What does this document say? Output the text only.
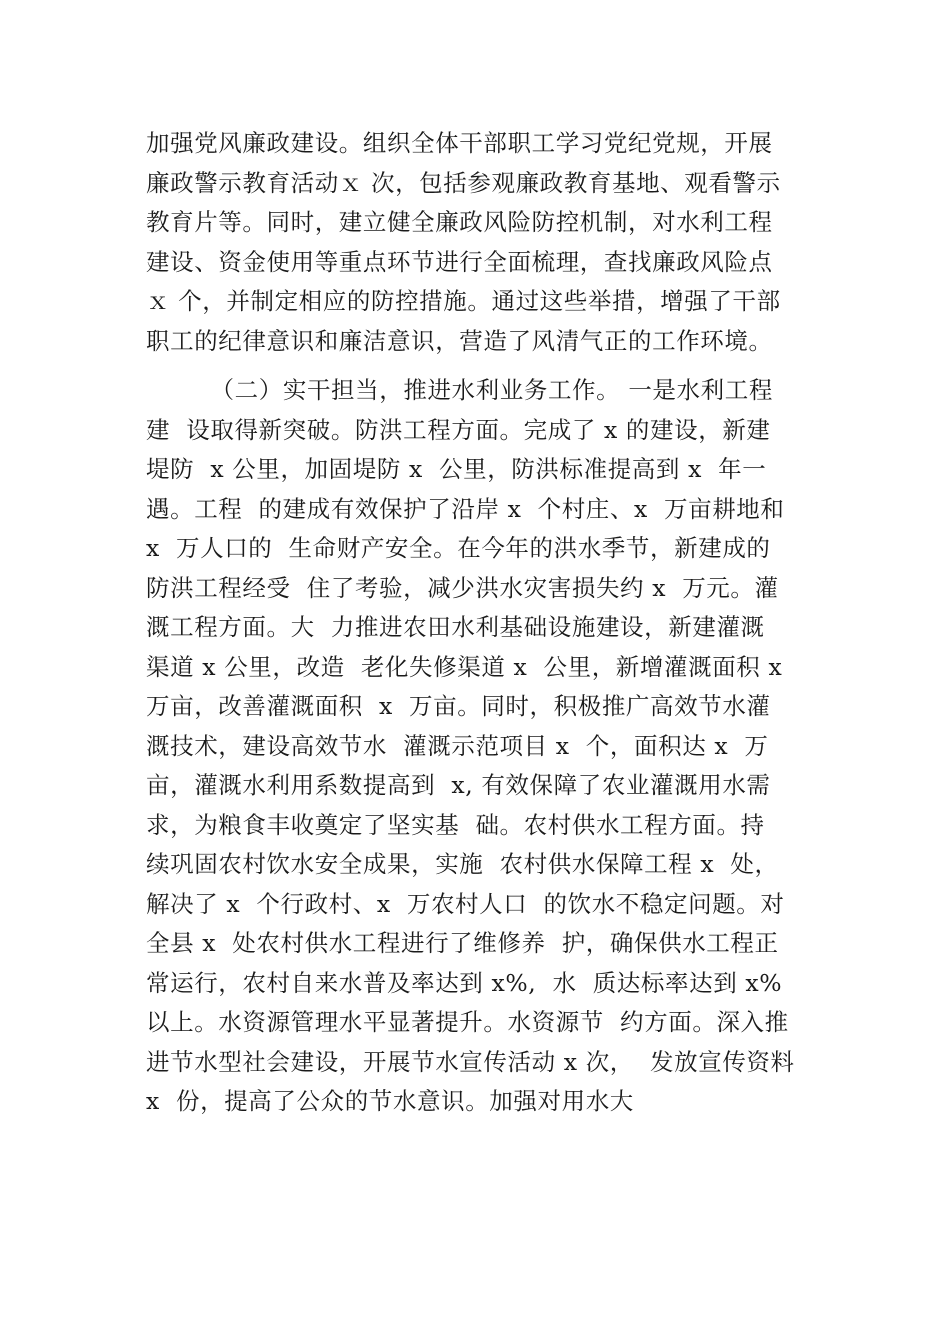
加强党风廉政建设。组织全体干部职工学习党纪党规，开展
廉政警示教育活动ｘ 次，包括参观廉政教育基地、观看警示
教育片等。同时，建立健全廉政风险防控机制，对水利工程
建设、资金使用等重点环节进行全面梳理，查找廉政风险点
ｘ 个，并制定相应的防控措施。通过这些举措，增强了干部
职工的纪律意识和廉洁意识，营造了风清气正的工作环境。
（二）实干担当，推进水利业务工作。 一是水利工程
建  设取得新突破。防洪工程方面。完成了 x 的建设，新建
堤防  x 公里，加固堤防 x  公里，防洪标准提高到 x  年一
遇。工程  的建成有效保护了沿岸 x  个村庄、x  万亩耕地和
x  万人口的  生命财产安全。在今年的洪水季节，新建成的
防洪工程经受  住了考验，减少洪水灾害损失约 x  万元。灌
溉工程方面。大  力推进农田水利基础设施建设，新建灌溉
渠道 x 公里，改造  老化失修渠道 x  公里，新增灌溉面积 x
万亩，改善灌溉面积  x  万亩。同时，积极推广高效节水灌
溉技术，建设高效节水  灌溉示范项目 x  个，面积达 x  万
亩，灌溉水利用系数提高到  x, 有效保障了农业灌溉用水需
求，为粮食丰收奠定了坚实基  础。农村供水工程方面。持
续巩固农村饮水安全成果，实施  农村供水保障工程 x  处，
解决了 x  个行政村、x  万农村人口  的饮水不稳定问题。对
全县 x  处农村供水工程进行了维修养  护，确保供水工程正
常运行，农村自来水普及率达到 x%,  水  质达标率达到 x%
以上。水资源管理水平显著提升。水资源节  约方面。深入推
进节水型社会建设，开展节水宣传活动 x 次，  发放宣传资料
x  份，提高了公众的节水意识。加强对用水大
